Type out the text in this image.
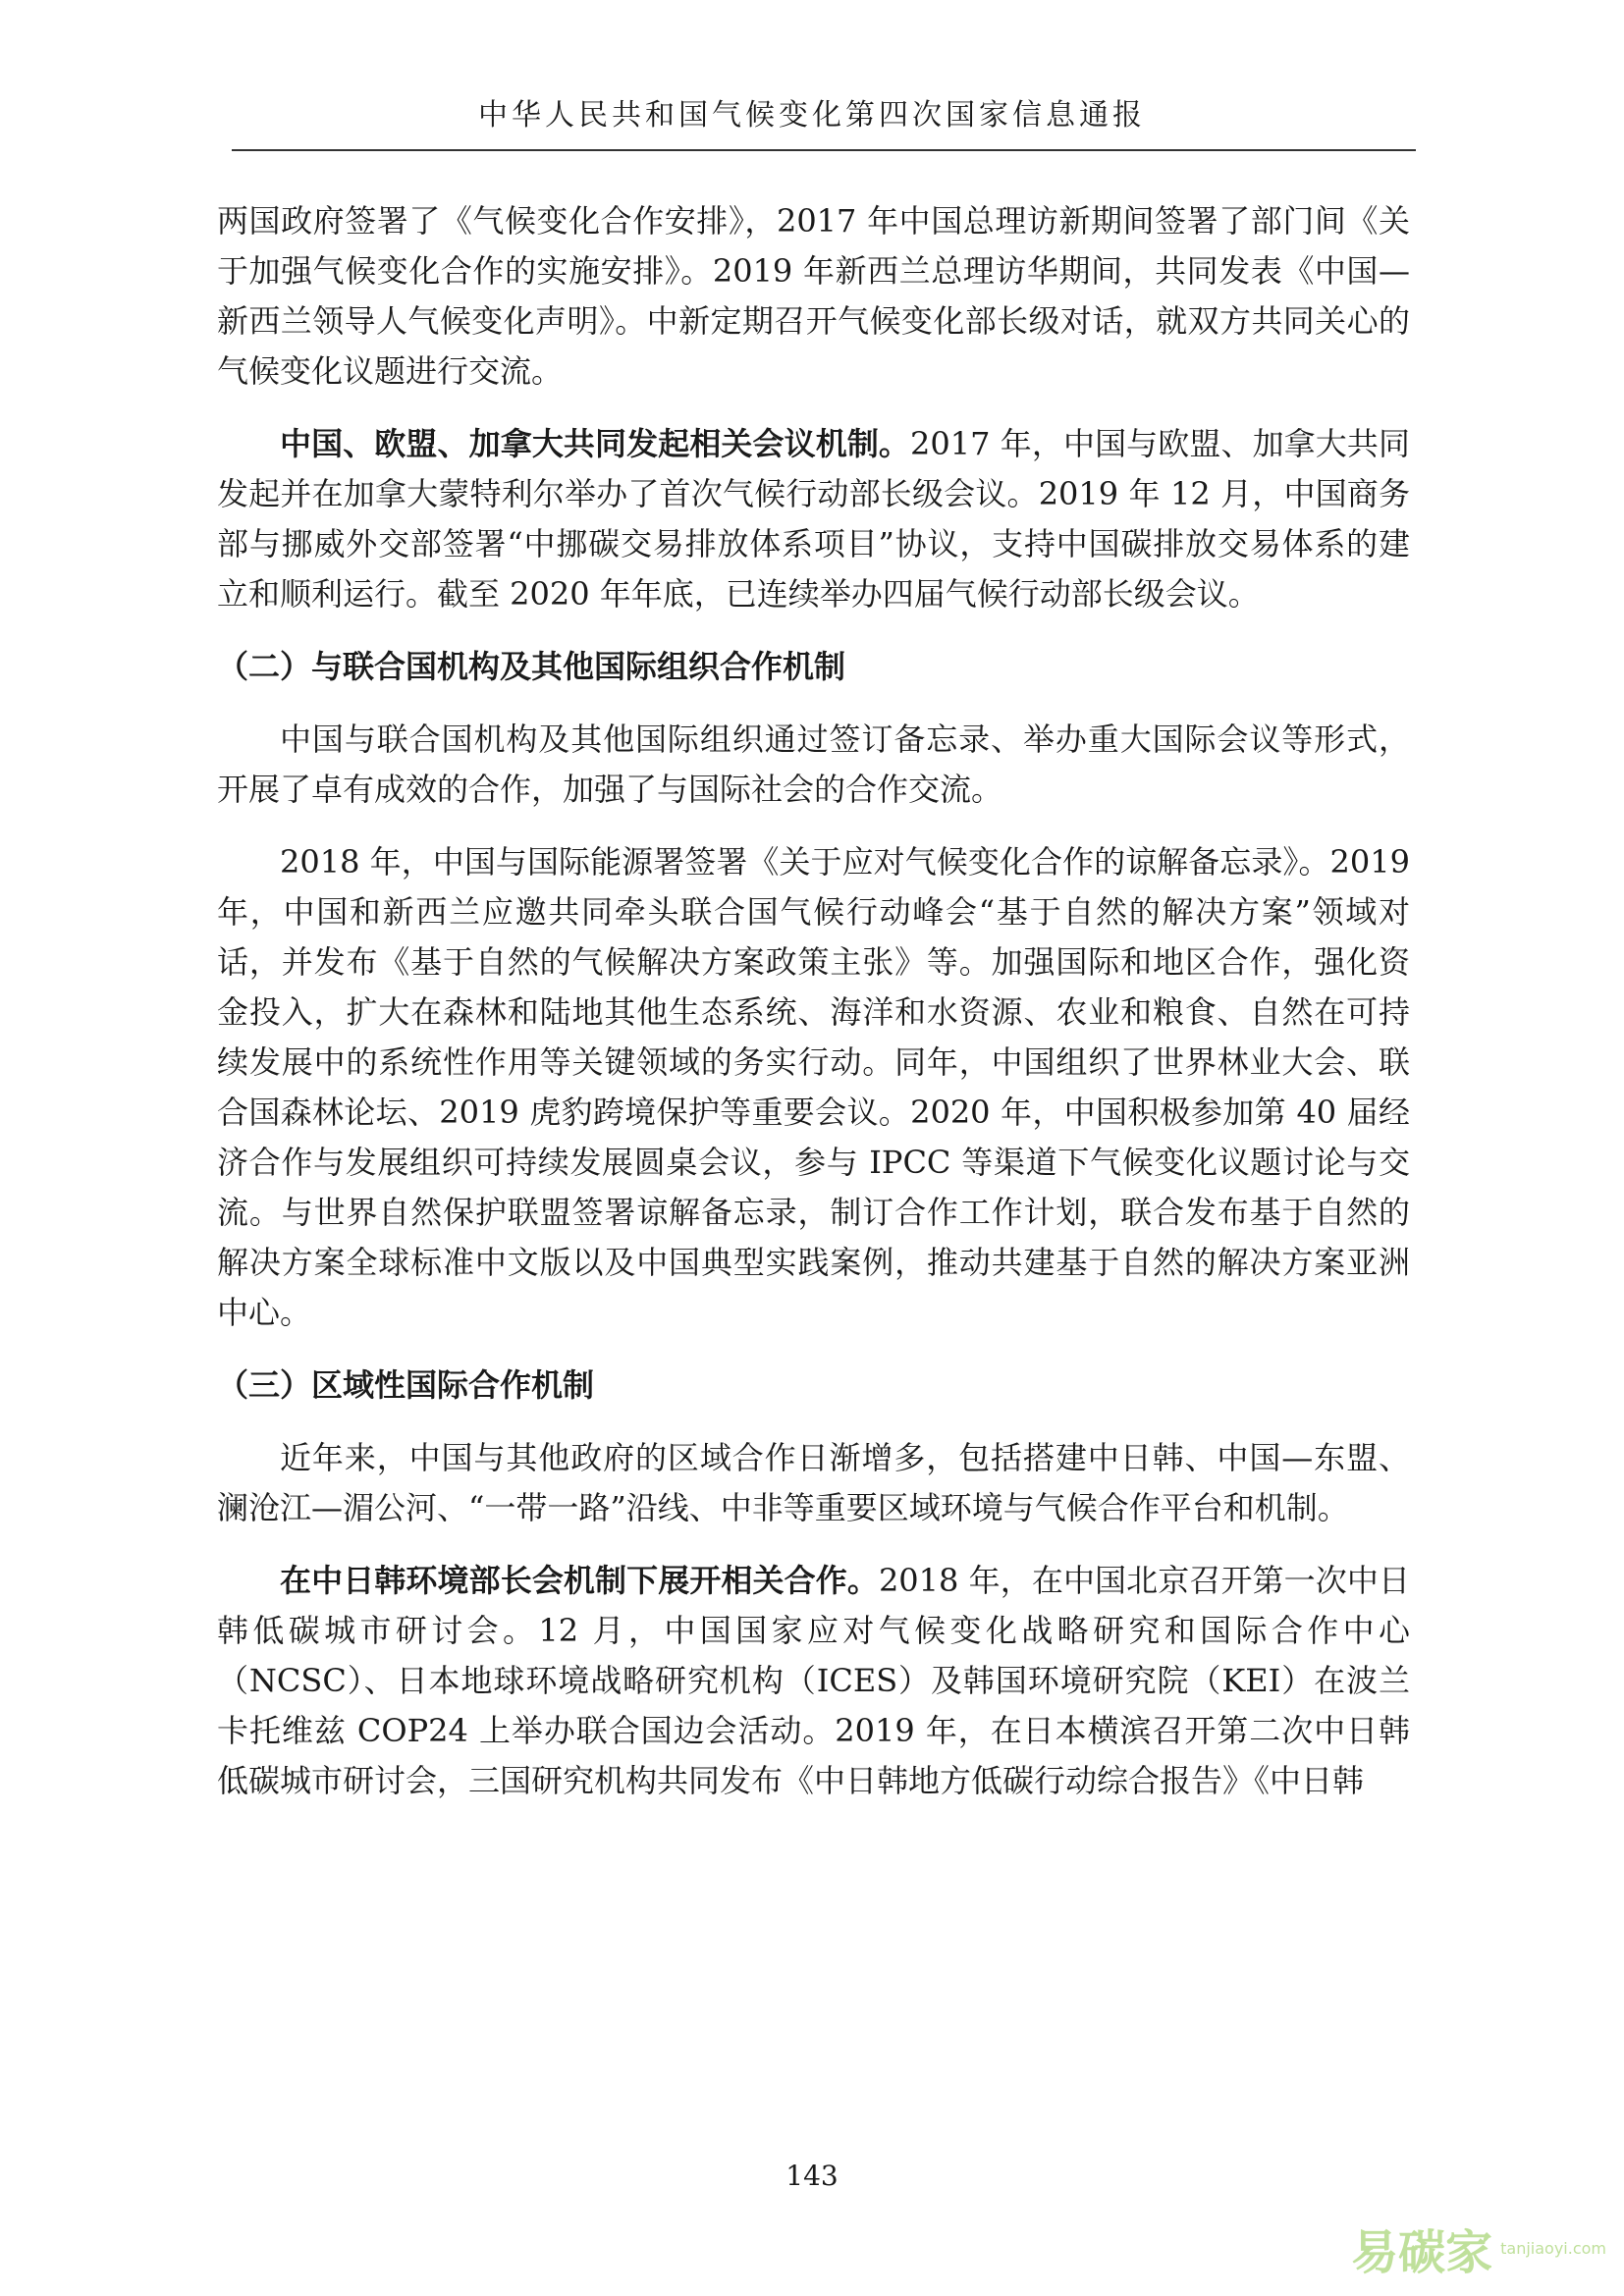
中华人民共和国气候变化第四次国家信息通报

两国政府签署了《气候变化合作安排》，2017 年中国总理访新期间签署了部门间《关于加强气候变化合作的实施安排》。2019 年新西兰总理访华期间，共同发表《中国—新西兰领导人气候变化声明》。中新定期召开气候变化部长级对话，就双方共同关心的气候变化议题进行交流。

中国、欧盟、加拿大共同发起相关会议机制。2017 年，中国与欧盟、加拿大共同发起并在加拿大蒙特利尔举办了首次气候行动部长级会议。2019 年 12 月，中国商务部与挪威外交部签署“中挪碳交易排放体系项目”协议，支持中国碳排放交易体系的建立和顺利运行。截至 2020 年年底，已连续举办四届气候行动部长级会议。

（二）与联合国机构及其他国际组织合作机制

中国与联合国机构及其他国际组织通过签订备忘录、举办重大国际会议等形式，开展了卓有成效的合作，加强了与国际社会的合作交流。

2018 年，中国与国际能源署签署《关于应对气候变化合作的谅解备忘录》。2019 年，中国和新西兰应邀共同牵头联合国气候行动峰会“基于自然的解决方案”领域对话，并发布《基于自然的气候解决方案政策主张》等。加强国际和地区合作，强化资金投入，扩大在森林和陆地其他生态系统、海洋和水资源、农业和粮食、自然在可持续发展中的系统性作用等关键领域的务实行动。同年，中国组织了世界林业大会、联合国森林论坛、2019 虎豹跨境保护等重要会议。2020 年，中国积极参加第 40 届经济合作与发展组织可持续发展圆桌会议，参与 IPCC 等渠道下气候变化议题讨论与交流。与世界自然保护联盟签署谅解备忘录，制订合作工作计划，联合发布基于自然的解决方案全球标准中文版以及中国典型实践案例，推动共建基于自然的解决方案亚洲中心。

（三）区域性国际合作机制

近年来，中国与其他政府的区域合作日渐增多，包括搭建中日韩、中国—东盟、澜沧江—湄公河、“一带一路”沿线、中非等重要区域环境与气候合作平台和机制。

在中日韩环境部长会机制下展开相关合作。2018 年，在中国北京召开第一次中日韩低碳城市研讨会。12 月，中国国家应对气候变化战略研究和国际合作中心（NCSC）、日本地球环境战略研究机构（ICES）及韩国环境研究院（KEI）在波兰卡托维兹 COP24 上举办联合国边会活动。2019 年，在日本横滨召开第二次中日韩低碳城市研讨会，三国研究机构共同发布《中日韩地方低碳行动综合报告》《中日韩

143
易碳家 tanjiaoyi.com
